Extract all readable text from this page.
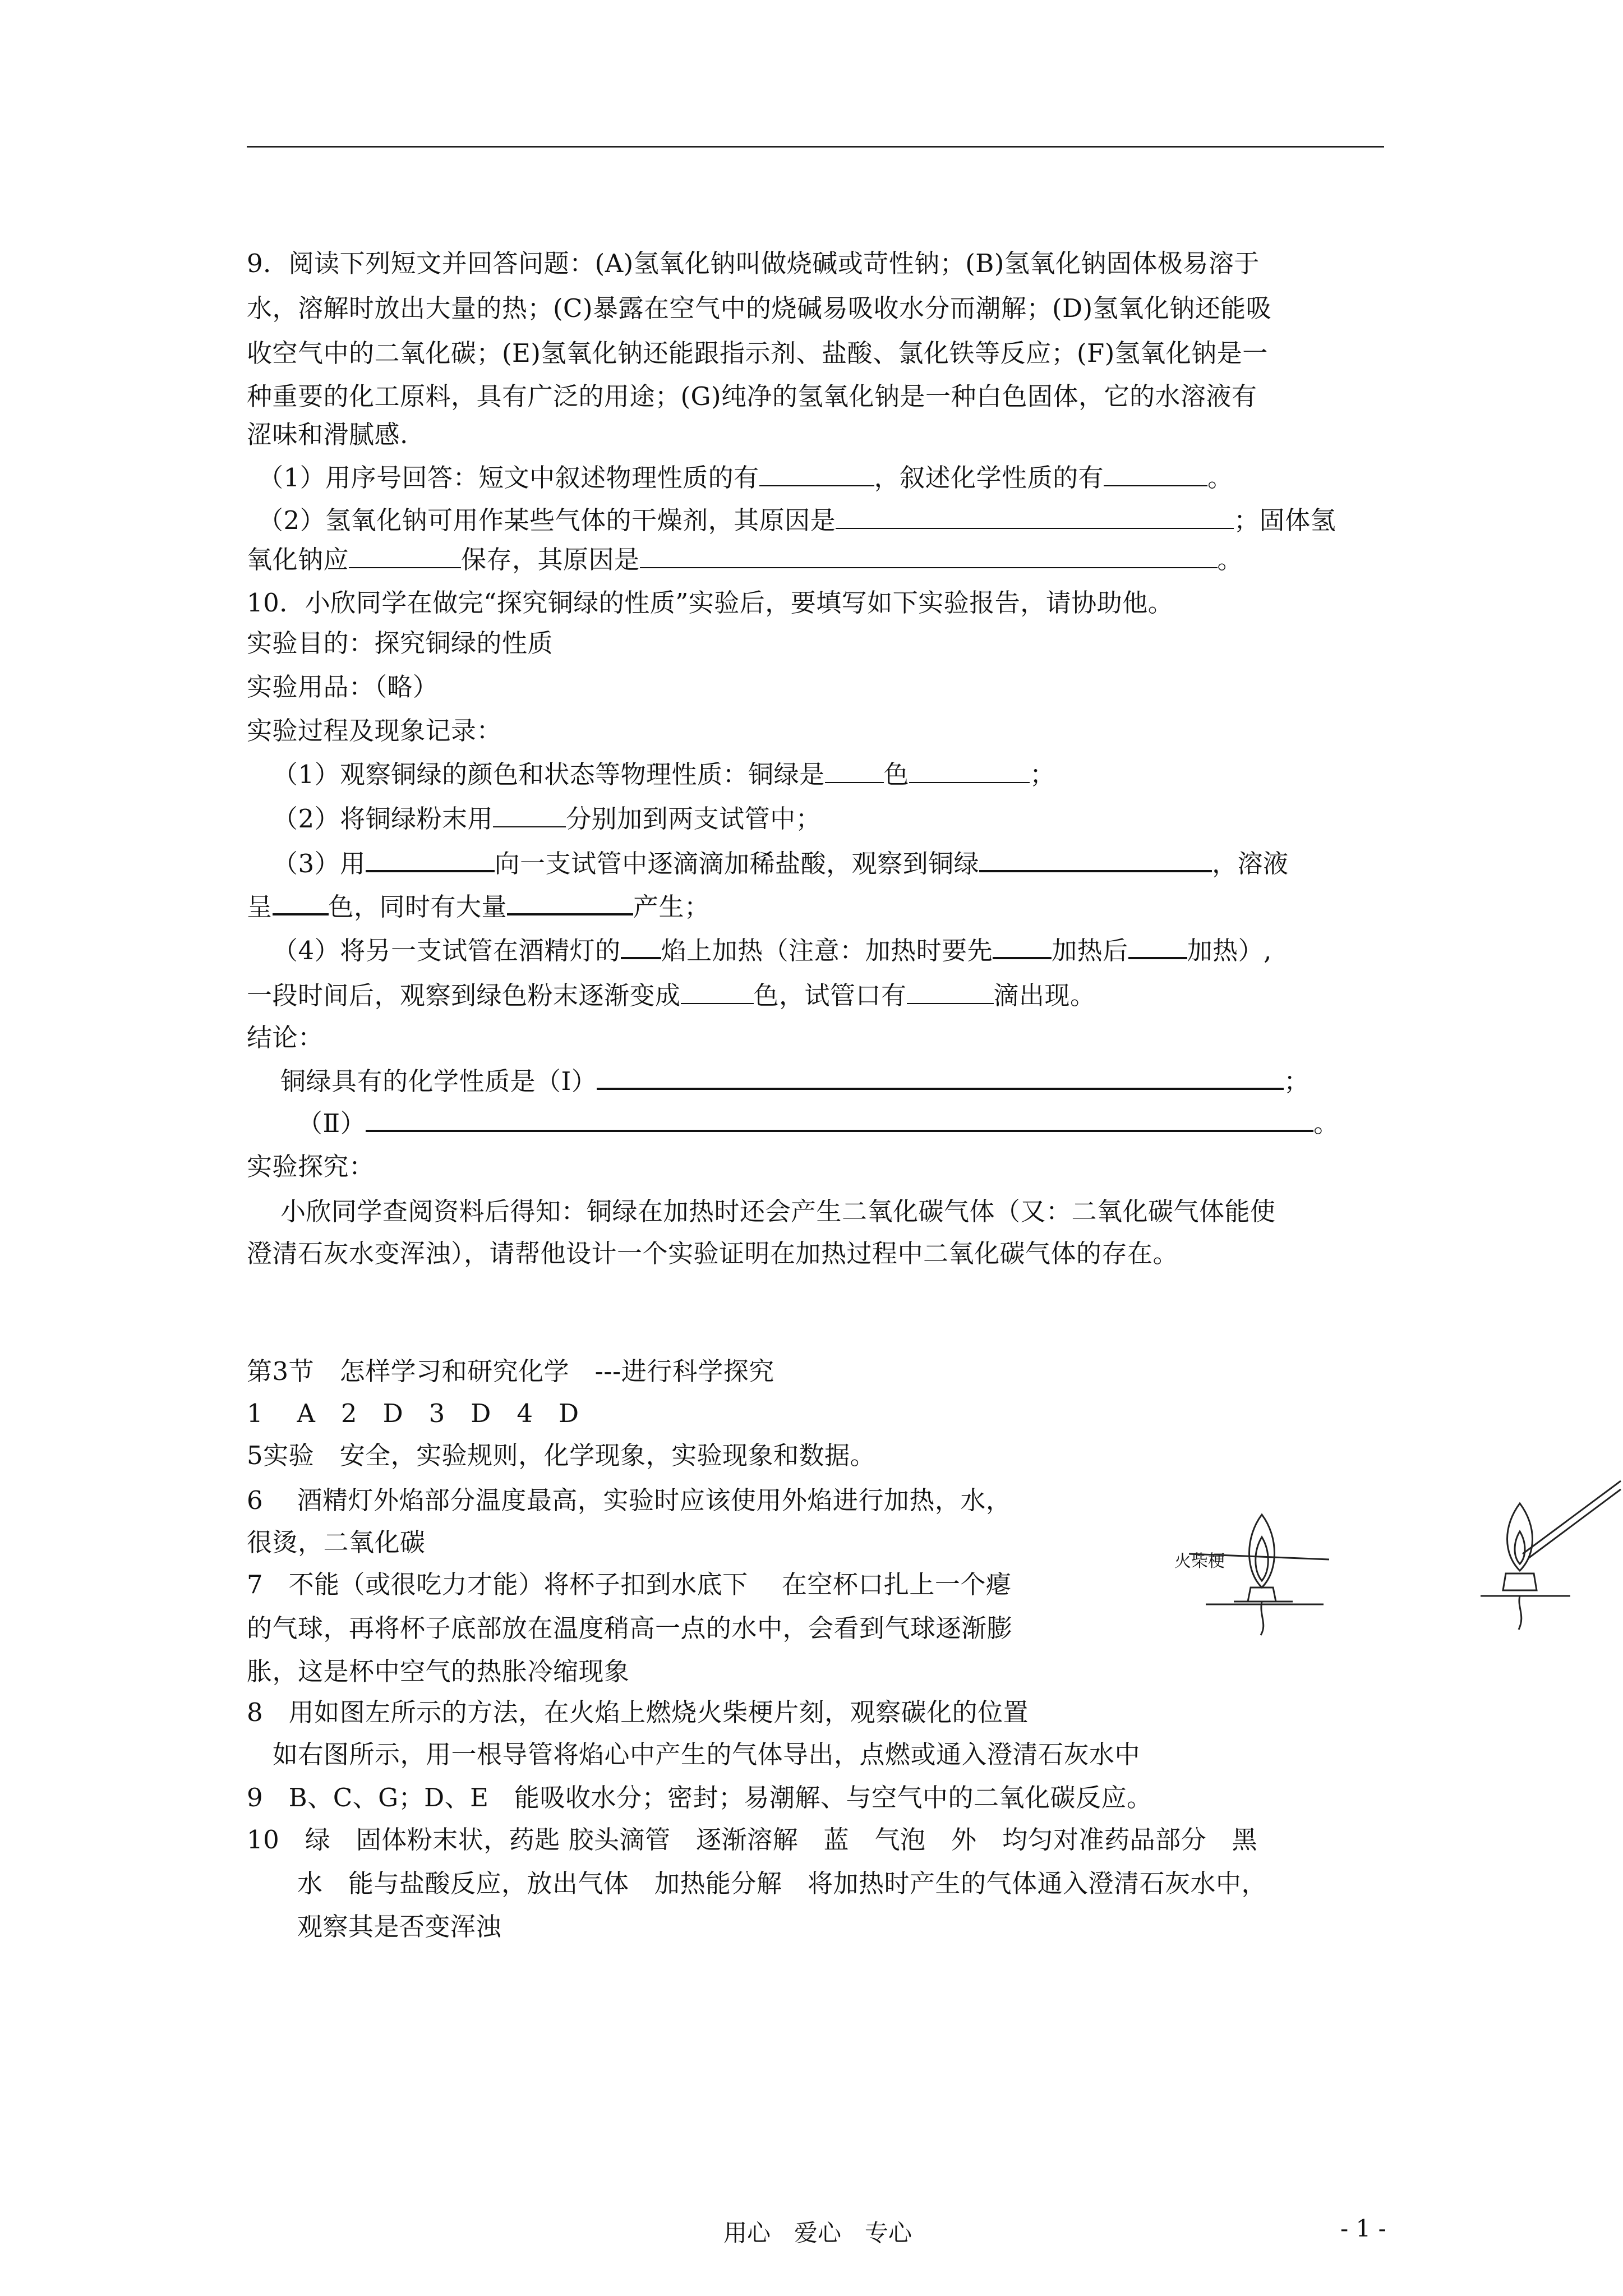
9．阅读下列短文并回答问题：(A)氢氧化钠叫做烧碱或苛性钠；(B)氢氧化钠固体极易溶于
水，溶解时放出大量的热；(C)暴露在空气中的烧碱易吸收水分而潮解；(D)氢氧化钠还能吸
收空气中的二氧化碳；(E)氢氧化钠还能跟指示剂、盐酸、氯化铁等反应；(F)氢氧化钠是一
种重要的化工原料，具有广泛的用途；(G)纯净的氢氧化钠是一种白色固体，它的水溶液有
涩味和滑腻感.
（1）用序号回答：短文中叙述物理性质的有	，叙述化学性质的有	。
（2）氢氧化钠可用作某些气体的干燥剂，其原因是	；固体氢
氧化钠应	保存，其原因是	。
10．小欣同学在做完“探究铜绿的性质”实验后，要填写如下实验报告，请协助他。
实验目的：探究铜绿的性质
实验用品：（略）
实验过程及现象记录：
（1）观察铜绿的颜色和状态等物理性质：铜绿是 色	；
（2）将铜绿粉末用	分别加到两支试管中；
（3）用	向一支试管中逐滴滴加稀盐酸，观察到铜绿	，溶液
呈 色，同时有大量	产生；
（4）将另一支试管在酒精灯的 焰上加热（注意：加热时要先 加热后 加热）,
一段时间后，观察到绿色粉末逐渐变成	色，试管口有	滴出现。
结论：
铜绿具有的化学性质是（Ⅰ）	；
（Ⅱ）	。
实验探究：
小欣同学查阅资料后得知：铜绿在加热时还会产生二氧化碳气体（又：二氧化碳气体能使
澄清石灰水变浑浊），请帮他设计一个实验证明在加热过程中二氧化碳气体的存在。
第3节　怎样学习和研究化学　---进行科学探究
1　 A　2　D　3　D　4　D
5实验　安全，实验规则，化学现象，实验现象和数据。
6　 酒精灯外焰部分温度最高，实验时应该使用外焰进行加热，水，
很烫，二氧化碳
7　不能（或很吃力才能）将杯子扣到水底下　 在空杯口扎上一个瘪
的气球，再将杯子底部放在温度稍高一点的水中，会看到气球逐渐膨
胀，这是杯中空气的热胀冷缩现象
8　用如图左所示的方法，在火焰上燃烧火柴梗片刻，观察碳化的位置
如右图所示，用一根导管将焰心中产生的气体导出，点燃或通入澄清石灰水中
9　B、C、G；D、E　能吸收水分；密封；易潮解、与空气中的二氧化碳反应。
10　绿　固体粉末状，药匙 胶头滴管　逐渐溶解　蓝　气泡　外　均匀对准药品部分　黑
水　能与盐酸反应，放出气体　加热能分解　将加热时产生的气体通入澄清石灰水中，
观察其是否变浑浊
火柴梗
用心　爱心　专心	- 1 -
